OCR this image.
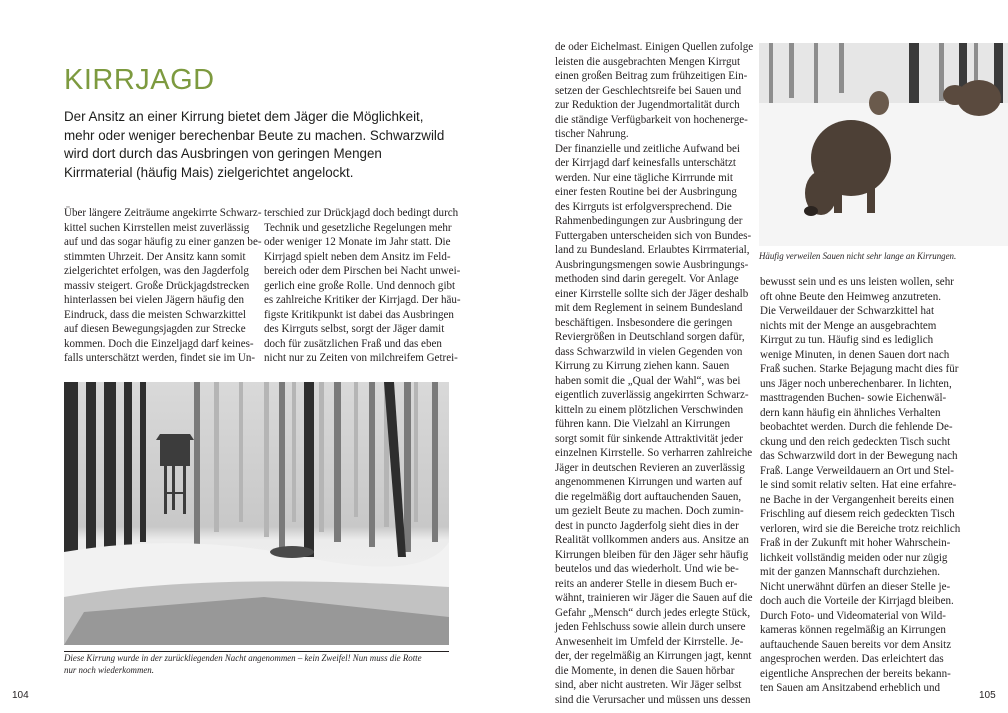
KIRRJAGD

Der Ansitz an einer Kirrung bietet dem Jäger die Möglichkeit, mehr oder weniger berechenbar Beute zu machen. Schwarzwild wird dort durch das Ausbringen von geringen Mengen Kirrmaterial (häufig Mais) zielgerichtet angelockt.

Über längere Zeiträume angekirrte Schwarz-
kittel suchen Kirrstellen meist zuverlässig
auf und das sogar häufig zu einer ganzen be-
stimmten Uhrzeit. Der Ansitz kann somit
zielgerichtet erfolgen, was den Jagderfolg
massiv steigert. Große Drückjagdstrecken
hinterlassen bei vielen Jägern häufig den
Eindruck, dass die meisten Schwarzkittel
auf diesen Bewegungsjagden zur Strecke
kommen. Doch die Einzeljagd darf keines-
falls unterschätzt werden, findet sie im Un-
terschied zur Drückjagd doch bedingt durch
Technik und gesetzliche Regelungen mehr
oder weniger 12 Monate im Jahr statt. Die
Kirrjagd spielt neben dem Ansitz im Feld-
bereich oder dem Pirschen bei Nacht unwei-
gerlich eine große Rolle. Und dennoch gibt
es zahlreiche Kritiker der Kirrjagd. Der häu-
figste Kritikpunkt ist dabei das Ausbringen
des Kirrguts selbst, sorgt der Jäger damit
doch für zusätzlichen Fraß und das eben
nicht nur zu Zeiten von milchreifem Getrei-
Diese Kirrung wurde in der zurückliegenden Nacht angenommen – kein Zweifel! Nun muss die Rotte
nur noch wiederkommen.
104
de oder Eichelmast. Einigen Quellen zufolge
leisten die ausgebrachten Mengen Kirrgut
einen großen Beitrag zum frühzeitigen Ein-
setzen der Geschlechtsreife bei Sauen und
zur Reduktion der Jugendmortalität durch
die ständige Verfügbarkeit von hochenerge-
tischer Nahrung.
Der finanzielle und zeitliche Aufwand bei
der Kirrjagd darf keinesfalls unterschätzt
werden. Nur eine tägliche Kirrrunde mit
einer festen Routine bei der Ausbringung
des Kirrguts ist erfolgversprechend. Die
Rahmenbedingungen zur Ausbringung der
Futtergaben unterscheiden sich von Bundes-
land zu Bundesland. Erlaubtes Kirrmaterial,
Ausbringungsmengen sowie Ausbringungs-
methoden sind darin geregelt. Vor Anlage
einer Kirrstelle sollte sich der Jäger deshalb
mit dem Reglement in seinem Bundesland
beschäftigen. Insbesondere die geringen
Reviergrößen in Deutschland sorgen dafür,
dass Schwarzwild in vielen Gegenden von
Kirrung zu Kirrung ziehen kann. Sauen
haben somit die „Qual der Wahl“, was bei
eigentlich zuverlässig angekirrten Schwarz-
kitteln zu einem plötzlichen Verschwinden
führen kann. Die Vielzahl an Kirrungen
sorgt somit für sinkende Attraktivität jeder
einzelnen Kirrstelle. So verharren zahlreiche
Jäger in deutschen Revieren an zuverlässig
angenommenen Kirrungen und warten auf
die regelmäßig dort auftauchenden Sauen,
um gezielt Beute zu machen. Doch zumin-
dest in puncto Jagderfolg sieht dies in der
Realität vollkommen anders aus. Ansitze an
Kirrungen bleiben für den Jäger sehr häufig
beutelos und das wiederholt. Und wie be-
reits an anderer Stelle in diesem Buch er-
wähnt, trainieren wir Jäger die Sauen auf die
Gefahr „Mensch“ durch jedes erlegte Stück,
jeden Fehlschuss sowie allein durch unsere
Anwesenheit im Umfeld der Kirrstelle. Je-
der, der regelmäßig an Kirrungen jagt, kennt
die Momente, in denen die Sauen hörbar
sind, aber nicht austreten. Wir Jäger selbst
sind die Verursacher und müssen uns dessen
Häufig verweilen Sauen nicht sehr lange an Kirrungen.
bewusst sein und es uns leisten wollen, sehr
oft ohne Beute den Heimweg anzutreten.
Die Verweildauer der Schwarzkittel hat
nichts mit der Menge an ausgebrachtem
Kirrgut zu tun. Häufig sind es lediglich
wenige Minuten, in denen Sauen dort nach
Fraß suchen. Starke Bejagung macht dies für
uns Jäger noch unberechenbarer. In lichten,
masttragenden Buchen- sowie Eichenwäl-
dern kann häufig ein ähnliches Verhalten
beobachtet werden. Durch die fehlende De-
ckung und den reich gedeckten Tisch sucht
das Schwarzwild dort in der Bewegung nach
Fraß. Lange Verweildauern an Ort und Stel-
le sind somit relativ selten. Hat eine erfahre-
ne Bache in der Vergangenheit bereits einen
Frischling auf diesem reich gedeckten Tisch
verloren, wird sie die Bereiche trotz reichlich
Fraß in der Zukunft mit hoher Wahrschein-
lichkeit vollständig meiden oder nur zügig
mit der ganzen Mannschaft durchziehen.
Nicht unerwähnt dürfen an dieser Stelle je-
doch auch die Vorteile der Kirrjagd bleiben.
Durch Foto- und Videomaterial von Wild-
kameras können regelmäßig an Kirrungen
auftauchende Sauen bereits vor dem Ansitz
angesprochen werden. Das erleichtert das
eigentliche Ansprechen der bereits bekann-
ten Sauen am Ansitzabend erheblich und
105
